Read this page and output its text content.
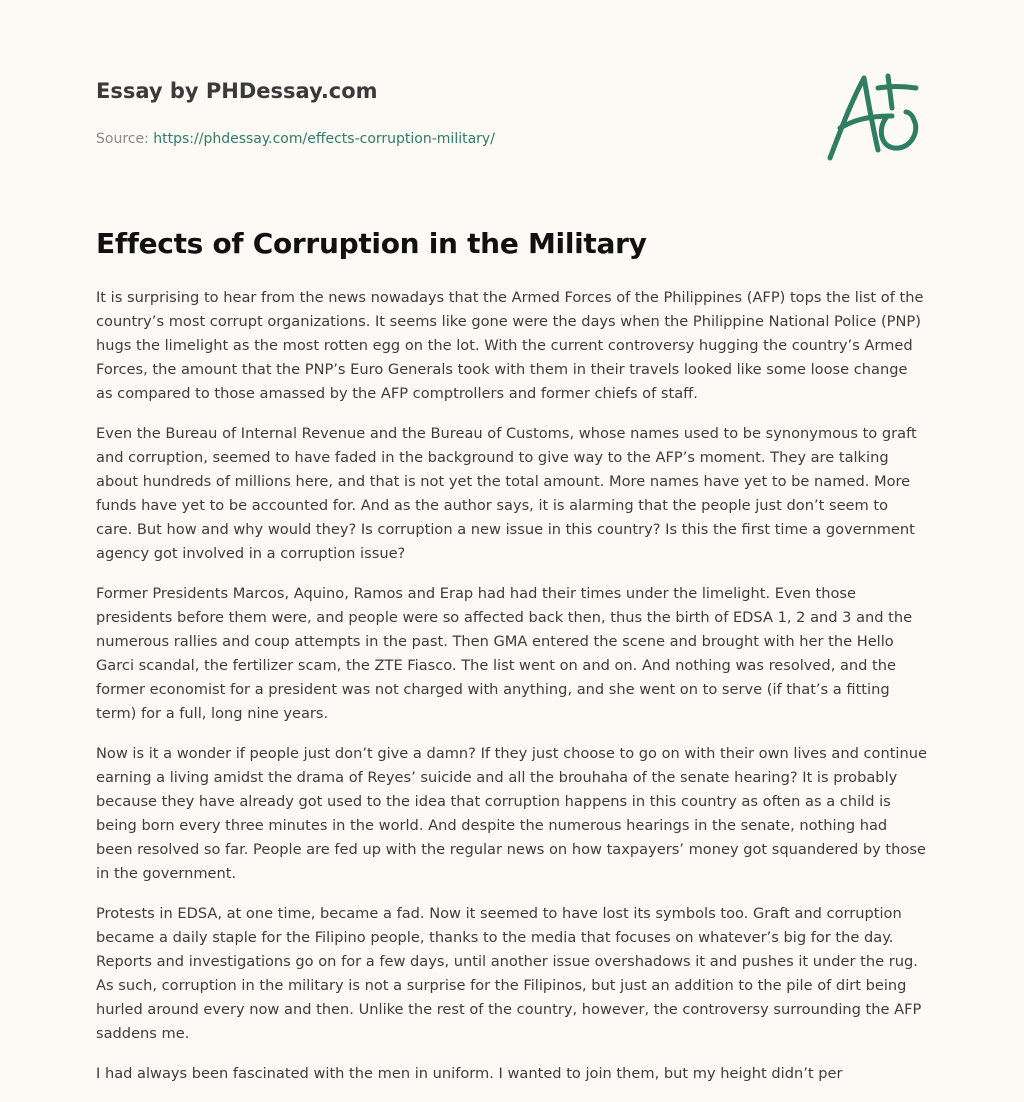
Essay by PHDessay.com
Source: https://phdessay.com/effects-corruption-military/
Effects of Corruption in the Military

It is surprising to hear from the news nowadays that the Armed Forces of the Philippines (AFP) tops the list of the country’s most corrupt organizations. It seems like gone were the days when the Philippine National Police (PNP) hugs the limelight as the most rotten egg on the lot. With the current controversy hugging the country’s Armed Forces, the amount that the PNP’s Euro Generals took with them in their travels looked like some loose change as compared to those amassed by the AFP comptrollers and former chiefs of staff.

Even the Bureau of Internal Revenue and the Bureau of Customs, whose names used to be synonymous to graft and corruption, seemed to have faded in the background to give way to the AFP’s moment. They are talking about hundreds of millions here, and that is not yet the total amount. More names have yet to be named. More funds have yet to be accounted for. And as the author says, it is alarming that the people just don’t seem to care. But how and why would they? Is corruption a new issue in this country? Is this the first time a government agency got involved in a corruption issue?

Former Presidents Marcos, Aquino, Ramos and Erap had had their times under the limelight. Even those presidents before them were, and people were so affected back then, thus the birth of EDSA 1, 2 and 3 and the numerous rallies and coup attempts in the past. Then GMA entered the scene and brought with her the Hello Garci scandal, the fertilizer scam, the ZTE Fiasco. The list went on and on. And nothing was resolved, and the former economist for a president was not charged with anything, and she went on to serve (if that’s a fitting term) for a full, long nine years.

Now is it a wonder if people just don’t give a damn? If they just choose to go on with their own lives and continue earning a living amidst the drama of Reyes’ suicide and all the brouhaha of the senate hearing? It is probably because they have already got used to the idea that corruption happens in this country as often as a child is being born every three minutes in the world. And despite the numerous hearings in the senate, nothing had been resolved so far. People are fed up with the regular news on how taxpayers’ money got squandered by those in the government.

Protests in EDSA, at one time, became a fad. Now it seemed to have lost its symbols too. Graft and corruption became a daily staple for the Filipino people, thanks to the media that focuses on whatever’s big for the day. Reports and investigations go on for a few days, until another issue overshadows it and pushes it under the rug. As such, corruption in the military is not a surprise for the Filipinos, but just an addition to the pile of dirt being hurled around every now and then. Unlike the rest of the country, however, the controversy surrounding the AFP saddens me.

I had always been fascinated with the men in uniform. I wanted to join them, but my height didn’t per
